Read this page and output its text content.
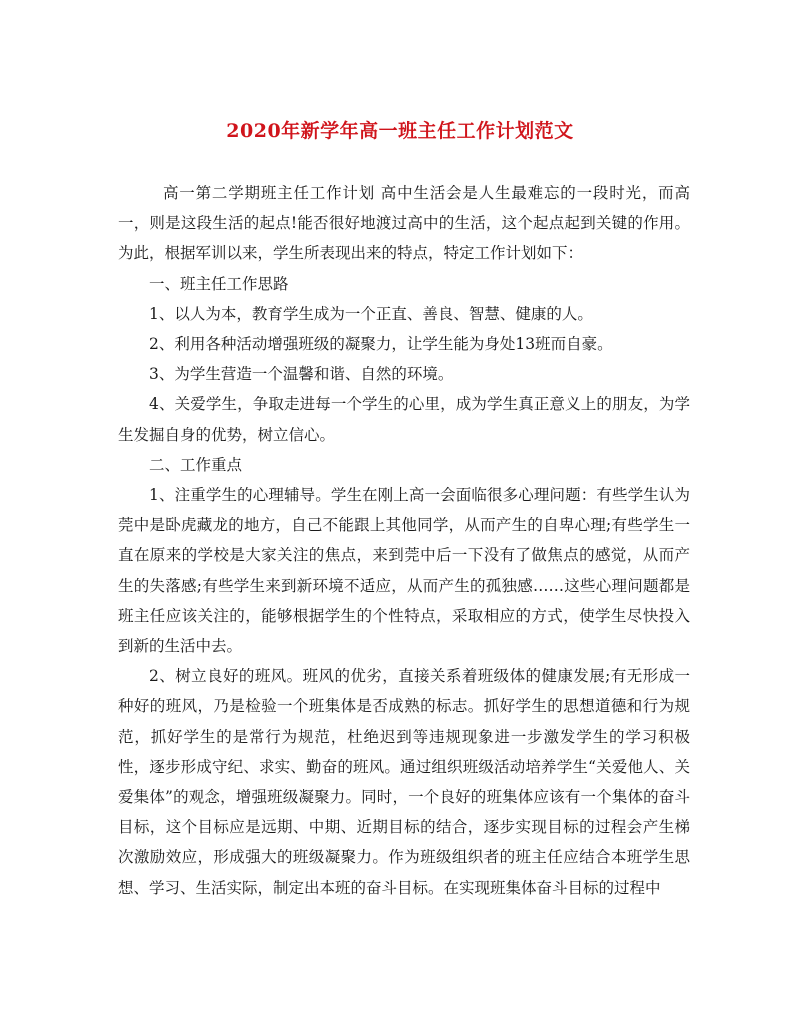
2020年新学年高一班主任工作计划范文

高一第二学期班主任工作计划 高中生活会是人生最难忘的一段时光，而高一，则是这段生活的起点!能否很好地渡过高中的生活，这个起点起到关键的作用。为此，根据军训以来，学生所表现出来的特点，特定工作计划如下：

一、班主任工作思路

1、以人为本，教育学生成为一个正直、善良、智慧、健康的人。

2、利用各种活动增强班级的凝聚力，让学生能为身处13班而自豪。

3、为学生营造一个温馨和谐、自然的环境。

4、关爱学生，争取走进每一个学生的心里，成为学生真正意义上的朋友，为学生发掘自身的优势，树立信心。

二、工作重点

1、注重学生的心理辅导。学生在刚上高一会面临很多心理问题：有些学生认为莞中是卧虎藏龙的地方，自己不能跟上其他同学，从而产生的自卑心理;有些学生一直在原来的学校是大家关注的焦点，来到莞中后一下没有了做焦点的感觉，从而产生的失落感;有些学生来到新环境不适应，从而产生的孤独感……这些心理问题都是班主任应该关注的，能够根据学生的个性特点，采取相应的方式，使学生尽快投入到新的生活中去。

2、树立良好的班风。班风的优劣，直接关系着班级体的健康发展;有无形成一种好的班风，乃是检验一个班集体是否成熟的标志。抓好学生的思想道德和行为规范，抓好学生的是常行为规范，杜绝迟到等违规现象进一步激发学生的学习积极性，逐步形成守纪、求实、勤奋的班风。通过组织班级活动培养学生“关爱他人、关爱集体”的观念，增强班级凝聚力。同时，一个良好的班集体应该有一个集体的奋斗目标，这个目标应是远期、中期、近期目标的结合，逐步实现目标的过程会产生梯次激励效应，形成强大的班级凝聚力。作为班级组织者的班主任应结合本班学生思想、学习、生活实际，制定出本班的奋斗目标。在实现班集体奋斗目标的过程中
